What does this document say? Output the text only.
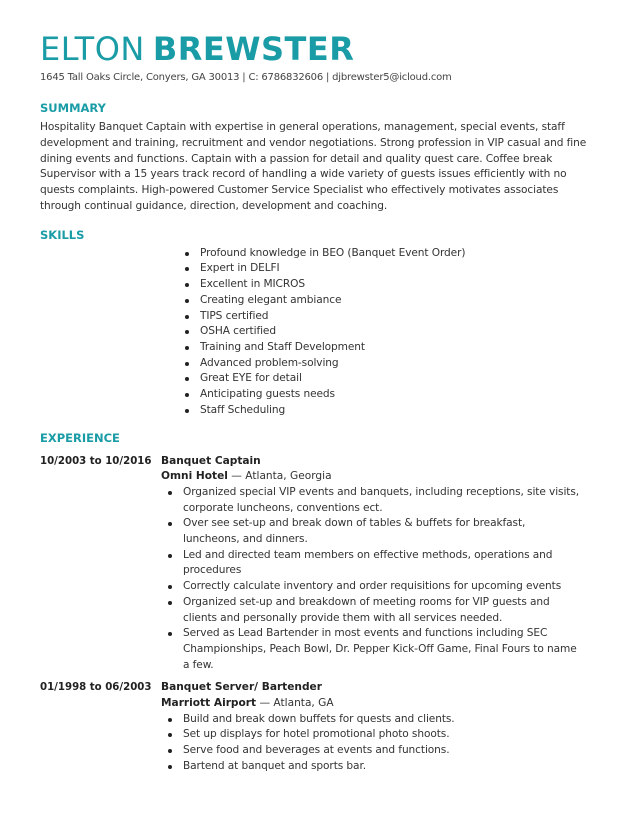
ELTON BREWSTER
1645 Tall Oaks Circle, Conyers, GA 30013 | C: 6786832606 | djbrewster5@icloud.com
SUMMARY
Hospitality Banquet Captain with expertise in general operations, management, special events, staff development and training, recruitment and vendor negotiations. Strong profession in VIP casual and fine dining events and functions. Captain with a passion for detail and quality quest care. Coffee break Supervisor with a 15 years track record of handling a wide variety of guests issues efficiently with no quests complaints. High-powered Customer Service Specialist who effectively motivates associates through continual guidance, direction, development and coaching.
SKILLS
Profound knowledge in BEO (Banquet Event Order)
Expert in DELFI
Excellent in MICROS
Creating elegant ambiance
TIPS certified
OSHA certified
Training and Staff Development
Advanced problem-solving
Great EYE for detail
Anticipating guests needs
Staff Scheduling
EXPERIENCE
10/2003 to 10/2016 Banquet Captain
Omni Hotel — Atlanta, Georgia
Organized special VIP events and banquets, including receptions, site visits, corporate luncheons, conventions ect.
Over see set-up and break down of tables & buffets for breakfast, luncheons, and dinners.
Led and directed team members on effective methods, operations and procedures
Correctly calculate inventory and order requisitions for upcoming events
Organized set-up and breakdown of meeting rooms for VIP guests and clients and personally provide them with all services needed.
Served as Lead Bartender in most events and functions including SEC Championships, Peach Bowl, Dr. Pepper Kick-Off Game, Final Fours to name a few.
01/1998 to 06/2003 Banquet Server/ Bartender
Marriott Airport — Atlanta, GA
Build and break down buffets for quests and clients.
Set up displays for hotel promotional photo shoots.
Serve food and beverages at events and functions.
Bartend at banquet and sports bar.
